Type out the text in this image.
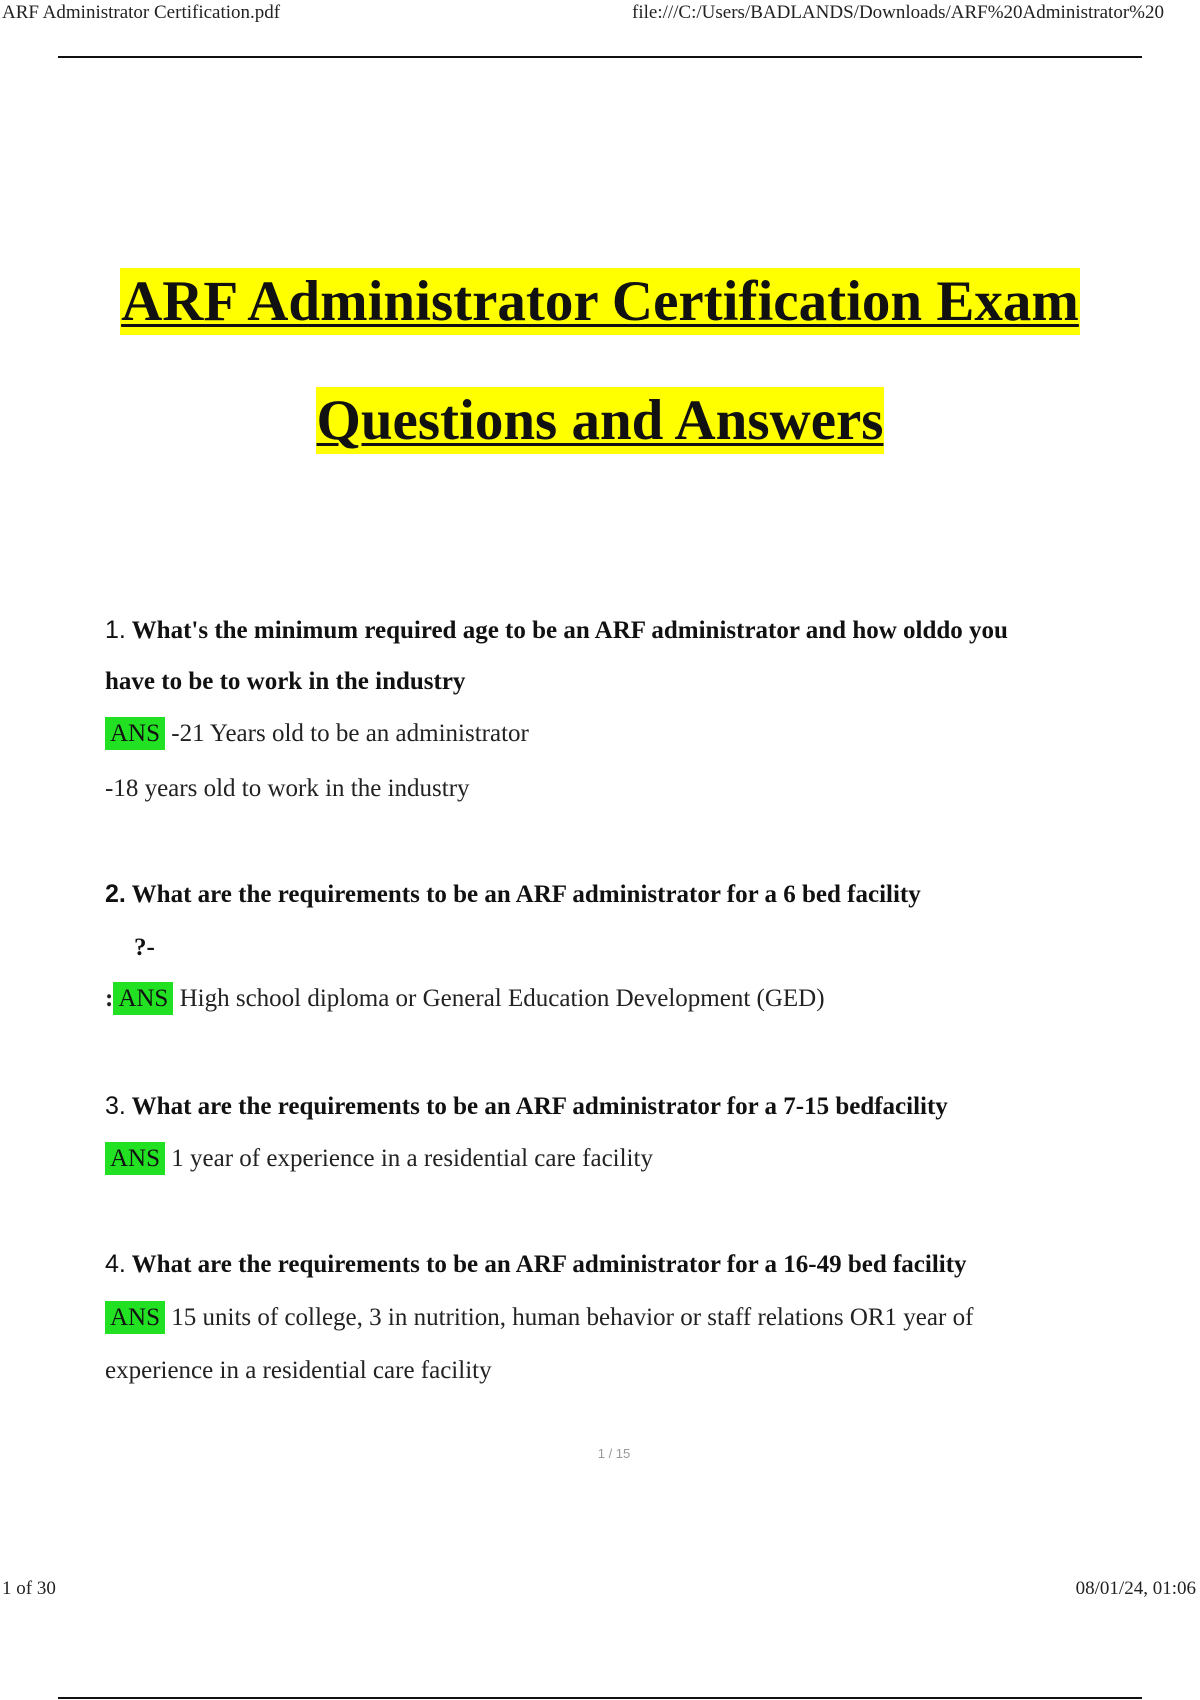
ARF Administrator Certification.pdf	file:///C:/Users/BADLANDS/Downloads/ARF%20Administrator%20
ARF Administrator Certification Exam
Questions and Answers
1. What's the minimum required age to be an ARF administrator and how olddo you
have to be to work in the industry
ANS -21 Years old to be an administrator
-18 years old to work in the industry
2. What are the requirements to be an ARF administrator for a 6 bed facility
?-
: ANS High school diploma or General Education Development (GED)
3. What are the requirements to be an ARF administrator for a 7-15 bedfacility
ANS 1 year of experience in a residential care facility
4. What are the requirements to be an ARF administrator for a 16-49 bed facility
ANS 15 units of college, 3 in nutrition, human behavior or staff relations OR1 year of
experience in a residential care facility
1 / 15
1 of 30	08/01/24, 01:06
